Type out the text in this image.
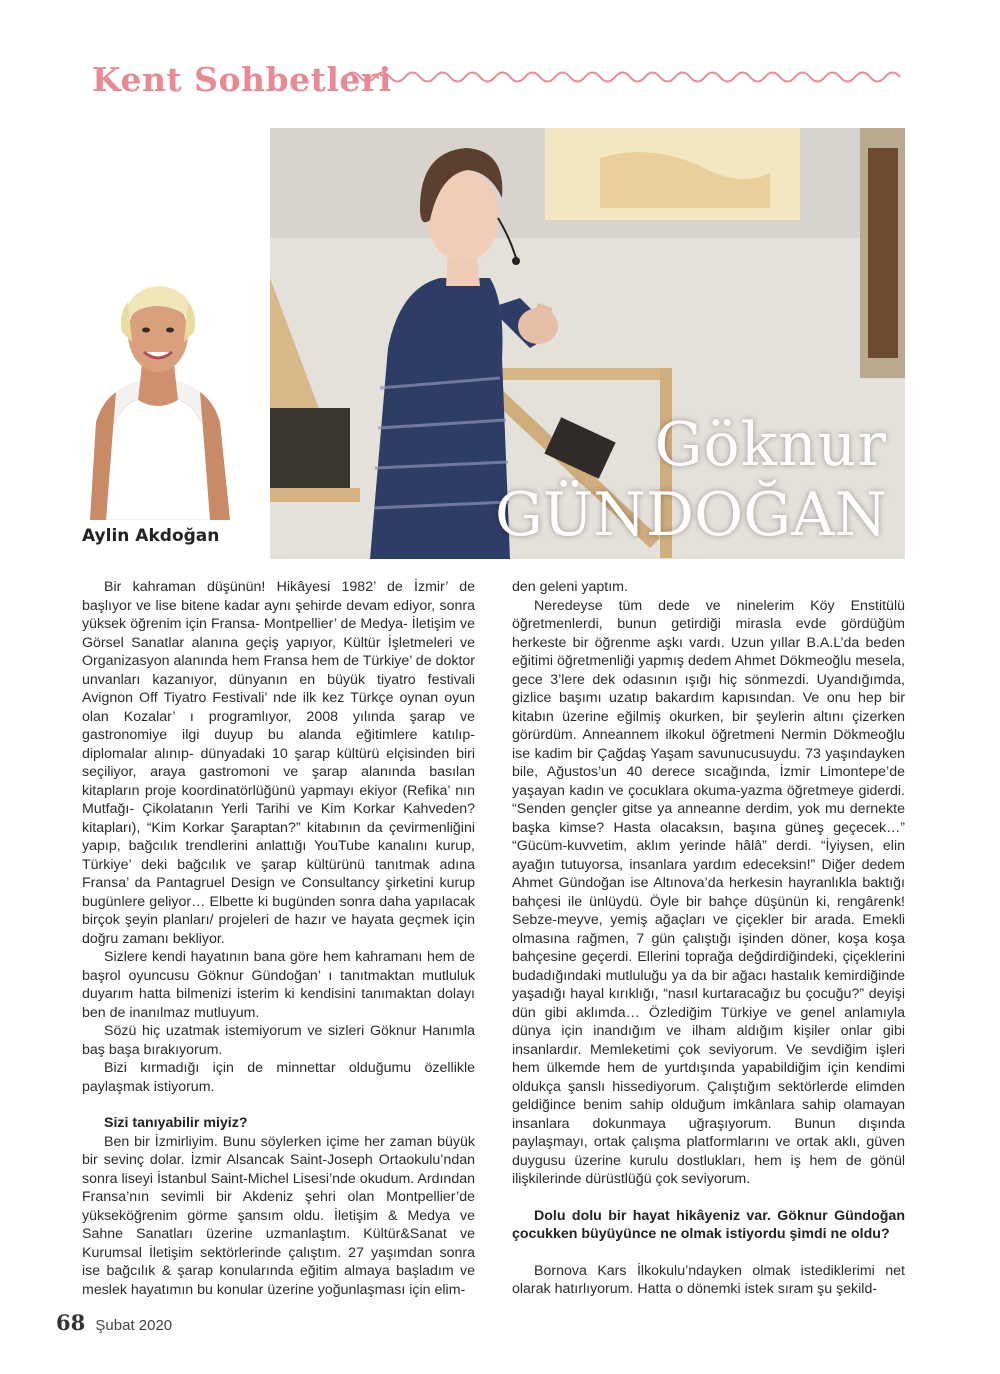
Kent Sohbetleri
Aylin Akdoğan
Göknur
GÜNDOĞAN

Bir kahraman düşünün! Hikâyesi 1982’ de İzmir’ de başlıyor ve lise bitene kadar aynı şehirde devam ediyor, sonra yüksek öğrenim için Fransa- Montpellier’ de Medya- İletişim ve Görsel Sanatlar alanına geçiş yapıyor, Kültür İşletmeleri ve Organizasyon alanında hem Fransa hem de Türkiye’ de doktor unvanları kazanıyor, dünyanın en büyük tiyatro festivali Avignon Off Tiyatro Festivali’ nde ilk kez Türkçe oynan oyun olan Kozalar’ ı programlıyor, 2008 yılında şarap ve gastronomiye ilgi duyup bu alanda eğitimlere katılıp- diplomalar alınıp- dünyadaki 10 şarap kültürü elçisinden biri seçiliyor, araya gastromoni ve şarap alanında basılan kitapların proje koordinatörlüğünü yapmayı ekiyor (Refika’ nın Mutfağı- Çikolatanın Yerli Tarihi ve Kim Korkar Kahveden? kitapları), “Kim Korkar Şaraptan?” kitabının da çevirmenliğini yapıp, bağcılık trendlerini anlattığı YouTube kanalını kurup, Türkiye’ deki bağcılık ve şarap kültürünü tanıtmak adına Fransa’ da Pantagruel Design ve Consultancy şirketini kurup bugünlere geliyor… Elbette ki bugünden sonra daha yapılacak birçok şeyin planları/ projeleri de hazır ve hayata geçmek için doğru zamanı bekliyor.

Sizlere kendi hayatının bana göre hem kahramanı hem de başrol oyuncusu Göknur Gündoğan’ ı tanıtmaktan mutluluk duyarım hatta bilmenizi isterim ki kendisini tanımaktan dolayı ben de inanılmaz mutluyum.

Sözü hiç uzatmak istemiyorum ve sizleri Göknur Hanımla baş başa bırakıyorum.

Bizi kırmadığı için de minnettar olduğumu özellikle paylaşmak istiyorum.

Sizi tanıyabilir miyiz?

Ben bir İzmirliyim. Bunu söylerken içime her zaman büyük bir sevinç dolar. İzmir Alsancak Saint-Joseph Ortaokulu’ndan sonra liseyi İstanbul Saint-Michel Lisesi’nde okudum. Ardından Fransa’nın sevimli bir Akdeniz şehri olan Montpellier’de yükseköğrenim görme şansım oldu. İletişim & Medya ve Sahne Sanatları üzerine uzmanlaştım. Kültür&Sanat ve Kurumsal İletişim sektörlerinde çalıştım. 27 yaşımdan sonra ise bağcılık & şarap konularında eğitim almaya başladım ve meslek hayatımın bu konular üzerine yoğunlaşması için elim-

den geleni yaptım.

Neredeyse tüm dede ve ninelerim Köy Enstitülü öğretmenlerdi, bunun getirdiği mirasla evde gördüğüm herkeste bir öğrenme aşkı vardı. Uzun yıllar B.A.L’da beden eğitimi öğretmenliği yapmış dedem Ahmet Dökmeoğlu mesela, gece 3’lere dek odasının ışığı hiç sönmezdi. Uyandığımda, gizlice başımı uzatıp bakardım kapısından. Ve onu hep bir kitabın üzerine eğilmiş okurken, bir şeylerin altını çizerken görürdüm. Anneannem ilkokul öğretmeni Nermin Dökmeoğlu ise kadim bir Çağdaş Yaşam savunucusuydu. 73 yaşındayken bile, Ağustos’un 40 derece sıcağında, İzmir Limontepe’de yaşayan kadın ve çocuklara okuma-yazma öğretmeye giderdi. “Senden gençler gitse ya anneanne derdim, yok mu dernekte başka kimse? Hasta olacaksın, başına güneş geçecek…” “Gücüm-kuvvetim, aklım yerinde hâlâ” derdi. “İyiysen, elin ayağın tutuyorsa, insanlara yardım edeceksin!” Diğer dedem Ahmet Gündoğan ise Altınova’da herkesin hayranlıkla baktığı bahçesi ile ünlüydü. Öyle bir bahçe düşünün ki, rengârenk! Sebze-meyve, yemiş ağaçları ve çiçekler bir arada. Emekli olmasına rağmen, 7 gün çalıştığı işinden döner, koşa koşa bahçesine geçerdi. Ellerini toprağa değdirdiğindeki, çiçeklerini budadığındaki mutluluğu ya da bir ağacı hastalık kemirdiğinde yaşadığı hayal kırıklığı, “nasıl kurtaracağız bu çocuğu?” deyişi dün gibi aklımda… Özlediğim Türkiye ve genel anlamıyla dünya için inandığım ve ilham aldığım kişiler onlar gibi insanlardır. Memleketimi çok seviyorum. Ve sevdiğim işleri hem ülkemde hem de yurtdışında yapabildiğim için kendimi oldukça şanslı hissediyorum. Çalıştığım sektörlerde elimden geldiğince benim sahip olduğum imkânlara sahip olamayan insanlara dokunmaya uğraşıyorum. Bunun dışında paylaşmayı, ortak çalışma platformlarını ve ortak aklı, güven duygusu üzerine kurulu dostlukları, hem iş hem de gönül ilişkilerinde dürüstlüğü çok seviyorum.

Dolu dolu bir hayat hikâyeniz var. Göknur Gündoğan çocukken büyüyünce ne olmak istiyordu şimdi ne oldu?

Bornova Kars İlkokulu’ndayken olmak istediklerimi net olarak hatırlıyorum. Hatta o dönemki istek sıram şu şekild-

68 Şubat 2020
